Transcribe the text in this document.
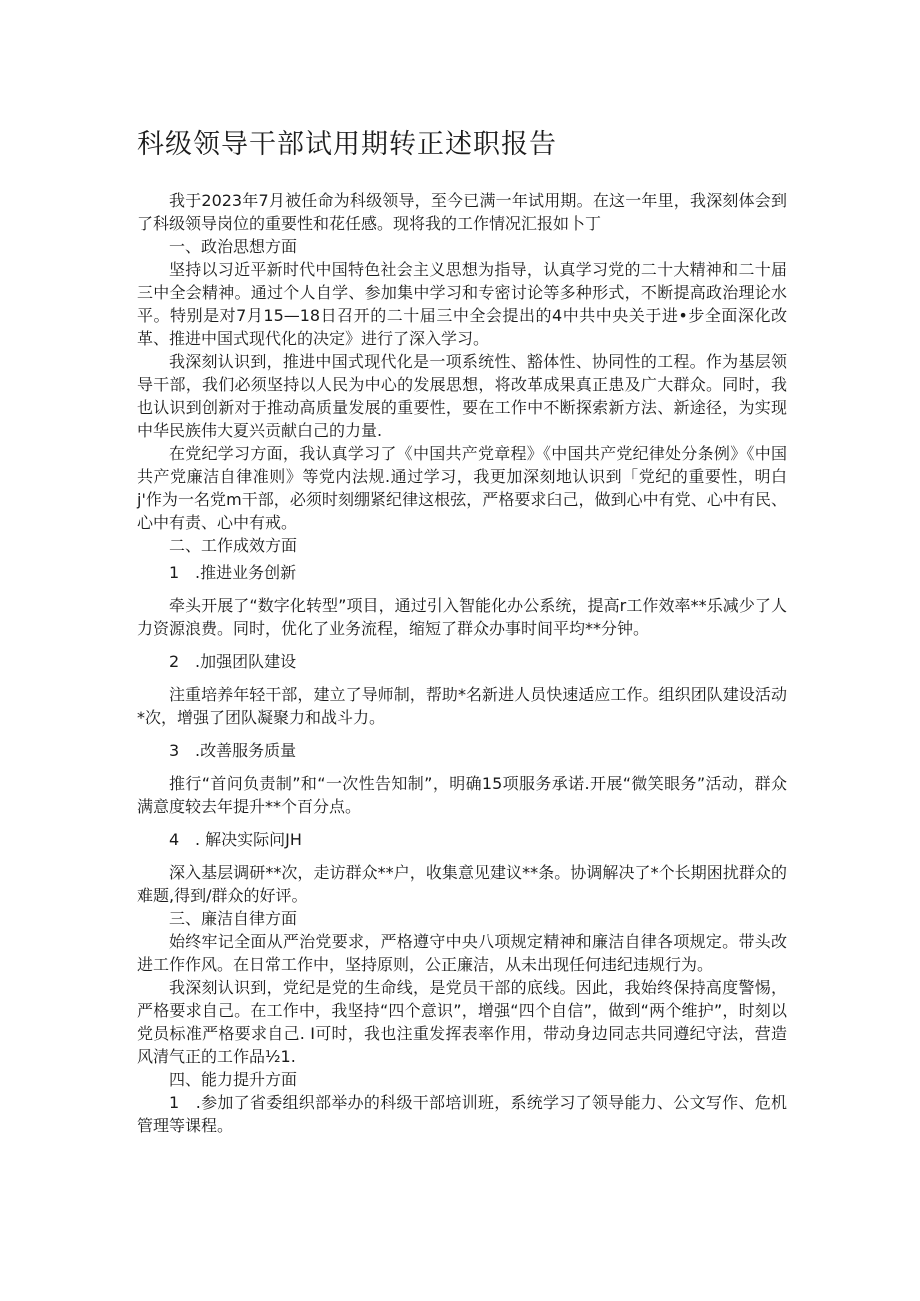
科级领导干部试用期转正述职报告

我于2023年7月被任命为科级领导，至今已满一年试用期。在这一年里，我深刻体会到了科级领导岗位的重要性和花任感。现将我的工作情况汇报如卜丁

一、政治思想方面

坚持以习近平新时代中国特色社会主义思想为指导，认真学习党的二十大精神和二十届三中全会精神。通过个人自学、参加集中学习和专密讨论等多种形式，不断提高政治理论水平。特别是对7月15—18日召开的二十届三中全会提出的4中共中央关于进•步全面深化改革、推进中国式现代化的决定》进行了深入学习。

我深刻认识到，推进中国式现代化是一项系统性、豁体性、协同性的工程。作为基层领导干部，我们必须坚持以人民为中心的发展思想，将改革成果真正患及广大群众。同时，我也认识到创新对于推动高质量发展的重要性，要在工作中不断探索新方法、新途径，为实现中华民族伟大夏兴贡献白己的力量.

在党纪学习方面，我认真学习了《中国共产党章程》《中国共产党纪律处分条例》《中国共产党廉洁自律准则》等党内法规.通过学习，我更加深刻地认识到「党纪的重要性，明白j'作为一名党m干部，必须时刻绷紧纪律这根弦，严格要求臼己，做到心中有党、心中有民、心中有责、心中有戒。

二、工作成效方面

1 .推进业务创新

牵头开展了“数字化转型”项目，通过引入智能化办公系统，提高r工作效率**乐减少了人力资源浪费。同时，优化了业务流程，缩短了群众办事时间平均**分钟。

2 .加强团队建设

注重培养年轻干部，建立了导师制，帮助*名新进人员快速适应工作。组织团队建设活动*次，增强了团队凝聚力和战斗力。

3 .改善服务质量

推行“首问负责制”和“一次性告知制”，明确15项服务承诺.开展“微笑眼务”活动，群众满意度较去年提升**个百分点。

4 . 解决实际问JH

深入基层调研**次，走访群众**户，收集意见建议**条。协调解决了*个长期困扰群众的难题,得到/群众的好评。

三、廉洁自律方面

始终牢记全面从严治党要求，严格遵守中央八项规定精神和廉洁自律各项规定。带头改进工作作风。在日常工作中，坚持原则，公正廉洁，从未出现任何违纪违规行为。

我深刻认识到，党纪是党的生命线，是党员干部的底线。因此，我始终保持高度警惕，严格要求自己。在工作中，我坚持“四个意识”，增强“四个自信”，做到“两个维护”，时刻以党员标准严格要求自己. I可时，我也注重发挥表率作用，带动身边同志共同遵纪守法，营造风清气正的工作品½1.

四、能力提升方面

1　.参加了省委组织部举办的科级干部培训班，系统学习了领导能力、公文写作、危机管理等课程。
